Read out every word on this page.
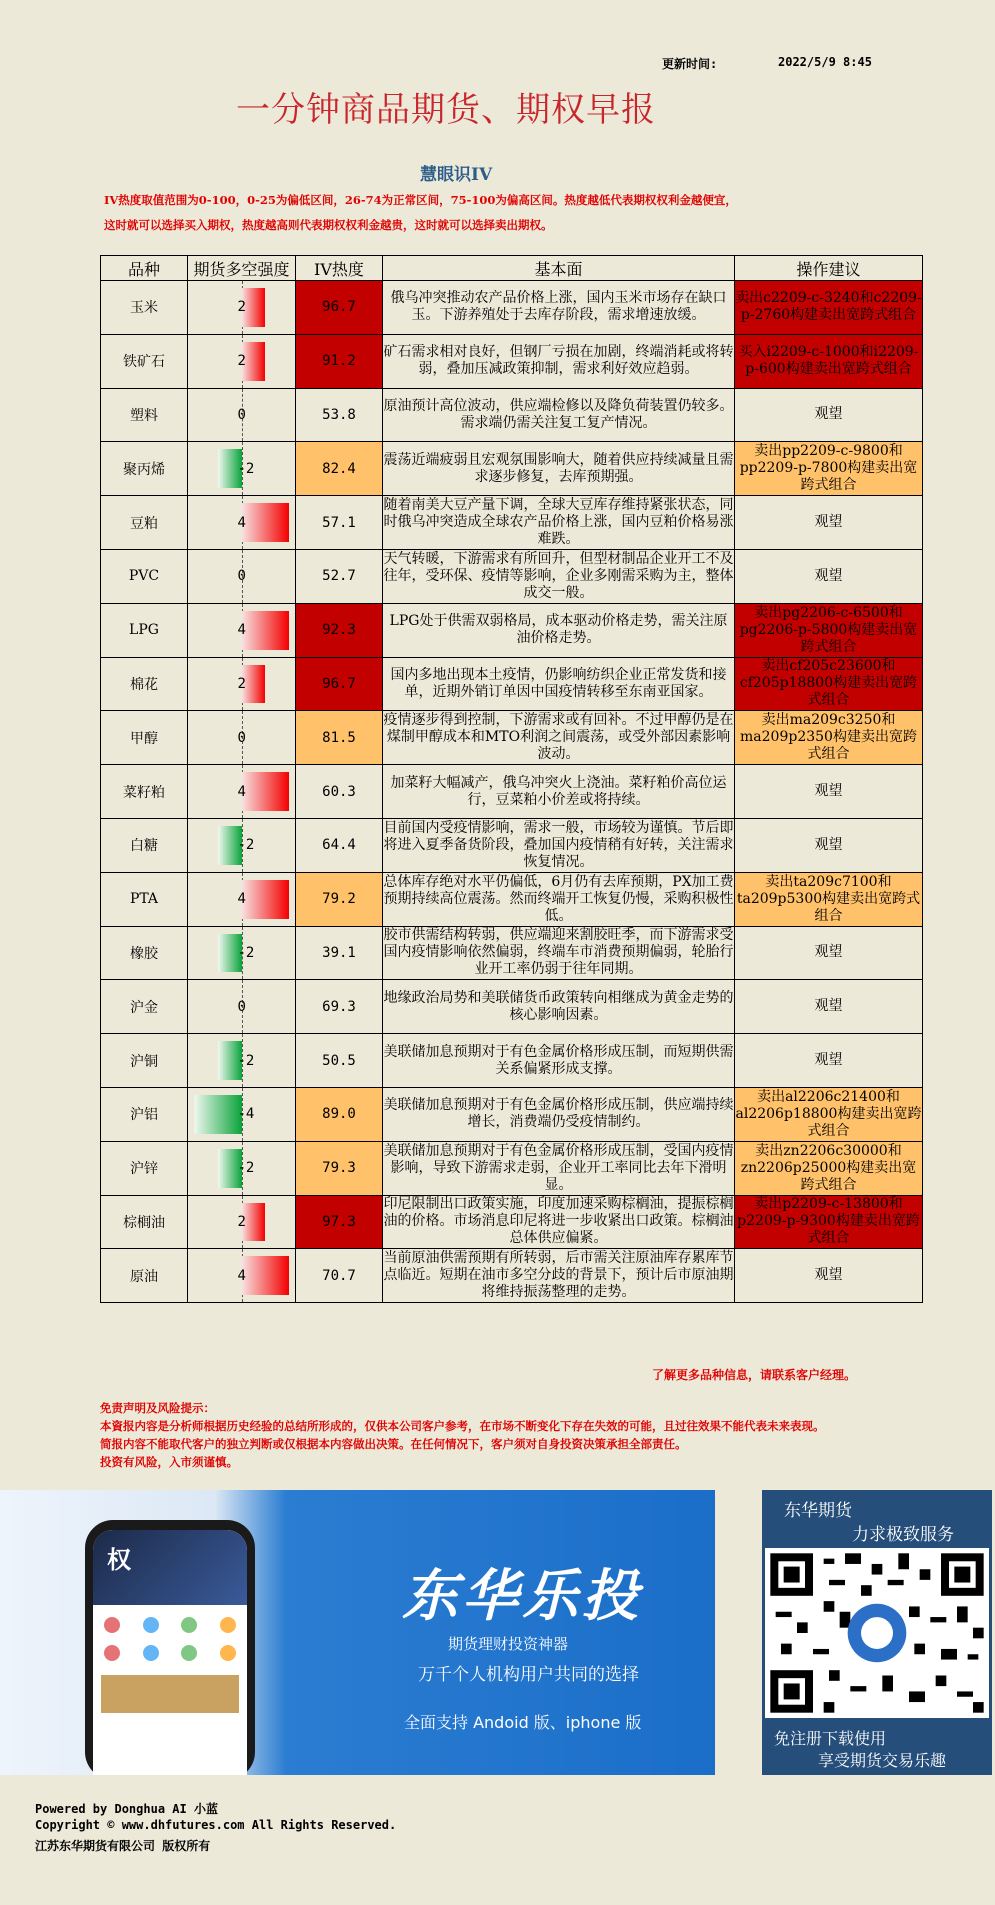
更新时间:	2022/5/9 8:45
一分钟商品期货、期权早报
慧眼识IV
IV热度取值范围为0-100，0-25为偏低区间，26-74为正常区间，75-100为偏高区间。热度越低代表期权权利金越便宜，
这时就可以选择买入期权，热度越高则代表期权权利金越贵，这时就可以选择卖出期权。
品种	期货多空强度	IV热度	基本面	操作建议
玉米	2	96.7	俄乌冲突推动农产品价格上涨，国内玉米市场存在缺口玉。下游养殖处于去库存阶段，需求增速放缓。	卖出c2209-c-3240和c2209-p-2760构建卖出宽跨式组合
铁矿石	2	91.2	矿石需求相对良好，但钢厂亏损在加剧，终端消耗或将转弱，叠加压减政策抑制，需求利好效应趋弱。	买入i2209-c-1000和i2209-p-600构建卖出宽跨式组合
塑料	0	53.8	原油预计高位波动，供应端检修以及降负荷装置仍较多。需求端仍需关注复工复产情况。	观望
聚丙烯	-2	82.4	震荡近端疲弱且宏观氛围影响大，随着供应持续减量且需求逐步修复，去库预期强。	卖出pp2209-c-9800和pp2209-p-7800构建卖出宽跨式组合
豆粕	4	57.1	随着南美大豆产量下调，全球大豆库存维持紧张状态，同时俄乌冲突造成全球农产品价格上涨，国内豆粕价格易涨难跌。	观望
PVC	0	52.7	天气转暖，下游需求有所回升，但型材制品企业开工不及往年，受环保、疫情等影响，企业多刚需采购为主，整体成交一般。	观望
LPG	4	92.3	LPG处于供需双弱格局，成本驱动价格走势，需关注原油价格走势。	卖出pg2206-c-6500和pg2206-p-5800构建卖出宽跨式组合
棉花	2	96.7	国内多地出现本土疫情，仍影响纺织企业正常发货和接单，近期外销订单因中国疫情转移至东南亚国家。	卖出cf205c23600和cf205p18800构建卖出宽跨式组合
甲醇	0	81.5	疫情逐步得到控制，下游需求或有回补。不过甲醇仍是在煤制甲醇成本和MTO利润之间震荡，或受外部因素影响波动。	卖出ma209c3250和ma209p2350构建卖出宽跨式组合
菜籽粕	4	60.3	加菜籽大幅减产，俄乌冲突火上浇油。菜籽粕价高位运行，豆菜粕小价差或将持续。	观望
白糖	-2	64.4	目前国内受疫情影响，需求一般，市场较为谨慎。节后即将进入夏季备货阶段，叠加国内疫情稍有好转，关注需求恢复情况。	观望
PTA	4	79.2	总体库存绝对水平仍偏低，6月仍有去库预期，PX加工费预期持续高位震荡。然而终端开工恢复仍慢，采购积极性低。	卖出ta209c7100和ta209p5300构建卖出宽跨式组合
橡胶	-2	39.1	胶市供需结构转弱，供应端迎来割胶旺季，而下游需求受国内疫情影响依然偏弱，终端车市消费预期偏弱，轮胎行业开工率仍弱于往年同期。	观望
沪金	0	69.3	地缘政治局势和美联储货币政策转向相继成为黄金走势的核心影响因素。	观望
沪铜	-2	50.5	美联储加息预期对于有色金属价格形成压制，而短期供需关系偏紧形成支撑。	观望
沪铝	-4	89.0	美联储加息预期对于有色金属价格形成压制，供应端持续增长，消费端仍受疫情制约。	卖出al2206c21400和al2206p18800构建卖出宽跨式组合
沪锌	-2	79.3	美联储加息预期对于有色金属价格形成压制，受国内疫情影响，导致下游需求走弱，企业开工率同比去年下滑明显。	卖出zn2206c30000和zn2206p25000构建卖出宽跨式组合
棕榈油	2	97.3	印尼限制出口政策实施，印度加速采购棕榈油，提振棕榈油的价格。市场消息印尼将进一步收紧出口政策。棕榈油总体供应偏紧。	卖出p2209-c-13800和p2209-p-9300构建卖出宽跨式组合
原油	4	70.7	当前原油供需预期有所转弱，后市需关注原油库存累库节点临近。短期在油市多空分歧的背景下，预计后市原油期将维持振荡整理的走势。	观望
了解更多品种信息，请联系客户经理。
免责声明及风险提示：
本資报内容是分析师根据历史经验的总结所形成的，仅供本公司客户参考，在市场不断变化下存在失效的可能，且过往效果不能代表未来表现。
简报内容不能取代客户的独立判断或仅根据本内容做出决策。在任何情况下，客户须对自身投资决策承担全部责任。
投资有风险，入市须谨慎。
权
东华乐投
期货理财投资神器
万千个人机构用户共同的选择
全面支持 Andoid 版、iphone 版
东华期货
力求极致服务
免注册下载使用
享受期货交易乐趣
Powered by Donghua AI 小蓝
Copyright © www.dhfutures.com All Rights Reserved.
江苏东华期货有限公司 版权所有
